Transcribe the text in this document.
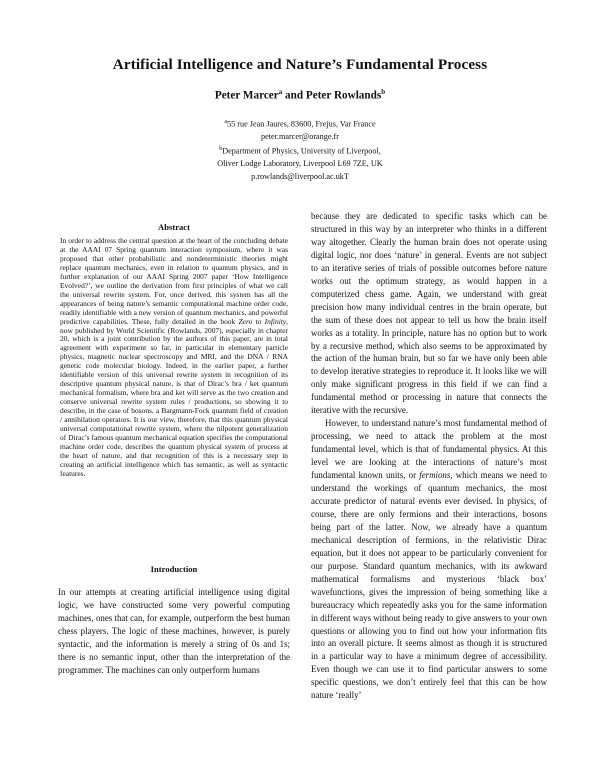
Artificial Intelligence and Nature’s Fundamental Process

Peter Marcer$^a$ and Peter Rowlands$^b$

$^a$55 rue Jean Jaures, 83600, Frejus, Var France
peter.marcer@orange.fr
$^b$Department of Physics, University of Liverpool,
Oliver Lodge Laboratory, Liverpool L69 7ZE, UK
p.rowlands@liverpool.ac.ukT
Abstract

In order to address the central question at the heart of the concluding debate at the AAAI 07 Spring quantum interaction symposium, where it was proposed that other probabilistic and nondeterministic theories might replace quantum mechanics, even in relation to quantum physics, and in further explanation of our AAAI Spring 2007 paper ‘How Intelligence Evolved?’, we outline the derivation from first principles of what we call the universal rewrite system. For, once derived, this system has all the appearances of being nature’s semantic computational machine order code, readily identifiable with a new version of quantum mechanics, and powerful predictive capabilities. These, fully detailed in the book Zero to Infinity, now published by World Scientific (Rowlands, 2007), especially in chapter 20, which is a joint contribution by the authors of this paper, are in total agreement with experiment so far, in particular in elementary particle physics, magnetic nuclear spectroscopy and MRI, and the DNA / RNA genetic code molecular biology. Indeed, in the earlier paper, a further identifiable version of this universal rewrite system in recognition of its descriptive quantum physical nature, is that of Dirac’s bra / ket quantum mechanical formalism, where bra and ket will serve as the two creation and conserve universal rewrite system rules / productions, so showing it to describe, in the case of bosons, a Bargmann-Fock quantum field of creation / annihilation operators. It is our view, therefore, that this quantum physical universal computational rewrite system, where the nilpotent generalization of Dirac’s famous quantum mechanical equation specifies the computational machine order code, describes the quantum physical system of process at the heart of nature, and that recognition of this is a necessary step in creating an artificial intelligence which has semantic, as well as syntactic features.

Introduction

In our attempts at creating artificial intelligence using digital logic, we have constructed some very powerful computing machines, ones that can, for example, outperform the best human chess players. The logic of these machines, however, is purely syntactic, and the information is merely a string of 0s and 1s; there is no semantic input, other than the interpretation of the programmer. The machines can only outperform humans

because they are dedicated to specific tasks which can be structured in this way by an interpreter who thinks in a different way altogether. Clearly the human brain does not operate using digital logic, nor does ‘nature’ in general. Events are not subject to an iterative series of trials of possible outcomes before nature works out the optimum strategy, as would happen in a computerized chess game. Again, we understand with great precision how many individual centres in the brain operate, but the sum of these does not appear to tell us how the brain itself works as a totality. In principle, nature has no option but to work by a recursive method, which also seems to be approximated by the action of the human brain, but so far we have only been able to develop iterative strategies to reproduce it. It looks like we will only make significant progress in this field if we can find a fundamental method or processing in nature that connects the iterative with the recursive.

However, to understand nature’s most fundamental method of processing, we need to attack the problem at the most fundamental level, which is that of fundamental physics. At this level we are looking at the interactions of nature’s most fundamental known units, or fermions, which means we need to understand the workings of quantum mechanics, the most accurate predictor of natural events ever devised. In physics, of course, there are only fermions and their interactions, bosons being part of the latter. Now, we already have a quantum mechanical description of fermions, in the relativistic Dirac equation, but it does not appear to be particularly convenient for our purpose. Standard quantum mechanics, with its awkward mathematical formalisms and mysterious ‘black box’ wavefunctions, gives the impression of being something like a bureaucracy which repeatedly asks you for the same information in different ways without being ready to give answers to your own questions or allowing you to find out how your information fits into an overall picture. It seems almost as though it is structured in a particular way to have a minimum degree of accessibility. Even though we can use it to find particular answers to some specific questions, we don’t entirely feel that this can be how nature ‘really’
